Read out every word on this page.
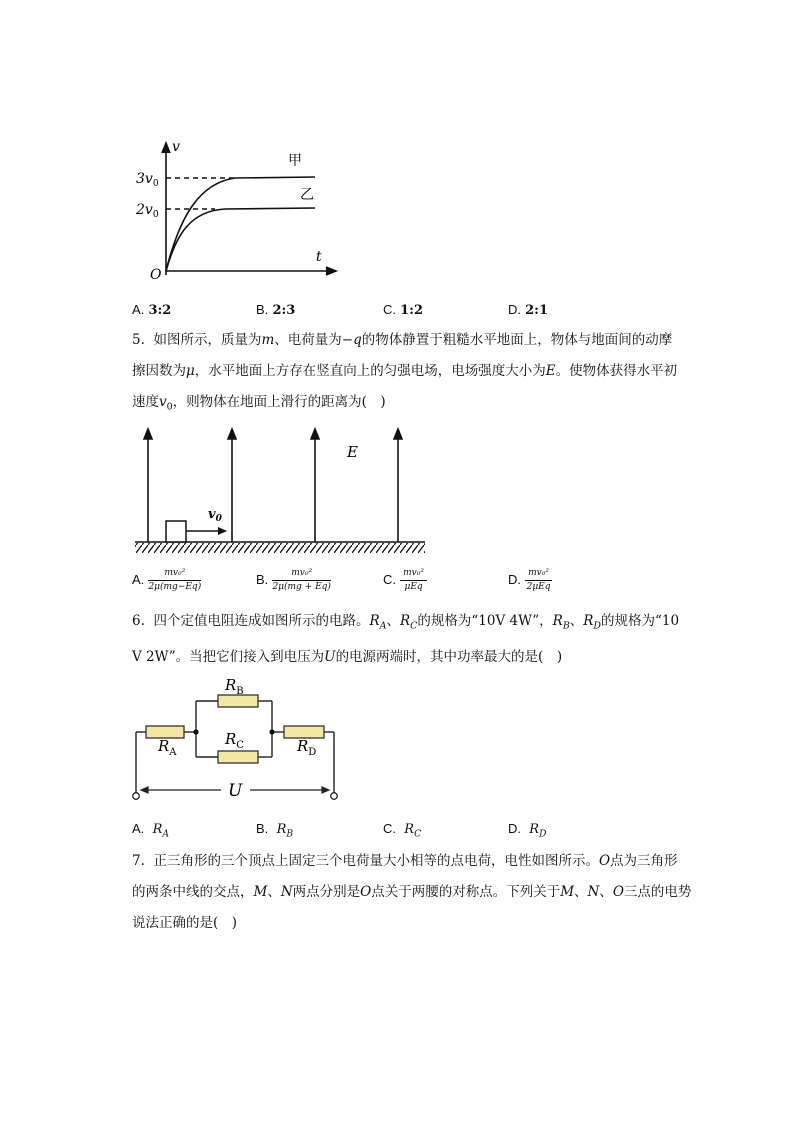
v
t
O
$3v_0$
$2v_0$
甲
乙
A. 3:2	B. 2:3	C. 1:2	D. 2:1
5. 如图所示，质量为m、电荷量为−q的物体静置于粗糙水平地面上，物体与地面间的动摩
擦因数为μ，水平地面上方存在竖直向上的匀强电场，电场强度大小为E。使物体获得水平初
速度$v_0$，则物体在地面上滑行的距离为(　)
$v_0$
E
A. $\frac{\text{mv₀²}}{2\mu(mg-Eq)}$	B. $\frac{\text{mv₀²}}{2\mu(mg + Eq)}$	C. $\frac{\text{mv₀²}}{\text{μEq}}$	D. $\frac{\text{mv₀²}}{\text{2μEq}}$
6. 四个定值电阻连成如图所示的电路。$R_A$、$R_C$的规格为“10V 4W”，$R_B$、$R_D$的规格为“10
V 2W”。当把它们接入到电压为U的电源两端时，其中功率最大的是(　)
$R_A$
$R_B$
$R_C$	$R_D$
U
A. $R_A$	B. $R_B$	C. $R_C$	D. $R_D$
7. 正三角形的三个顶点上固定三个电荷量大小相等的点电荷，电性如图所示。O点为三角形
的两条中线的交点，M、N两点分别是O点关于两腰的对称点。下列关于M、N、O三点的电势
说法正确的是(　)
